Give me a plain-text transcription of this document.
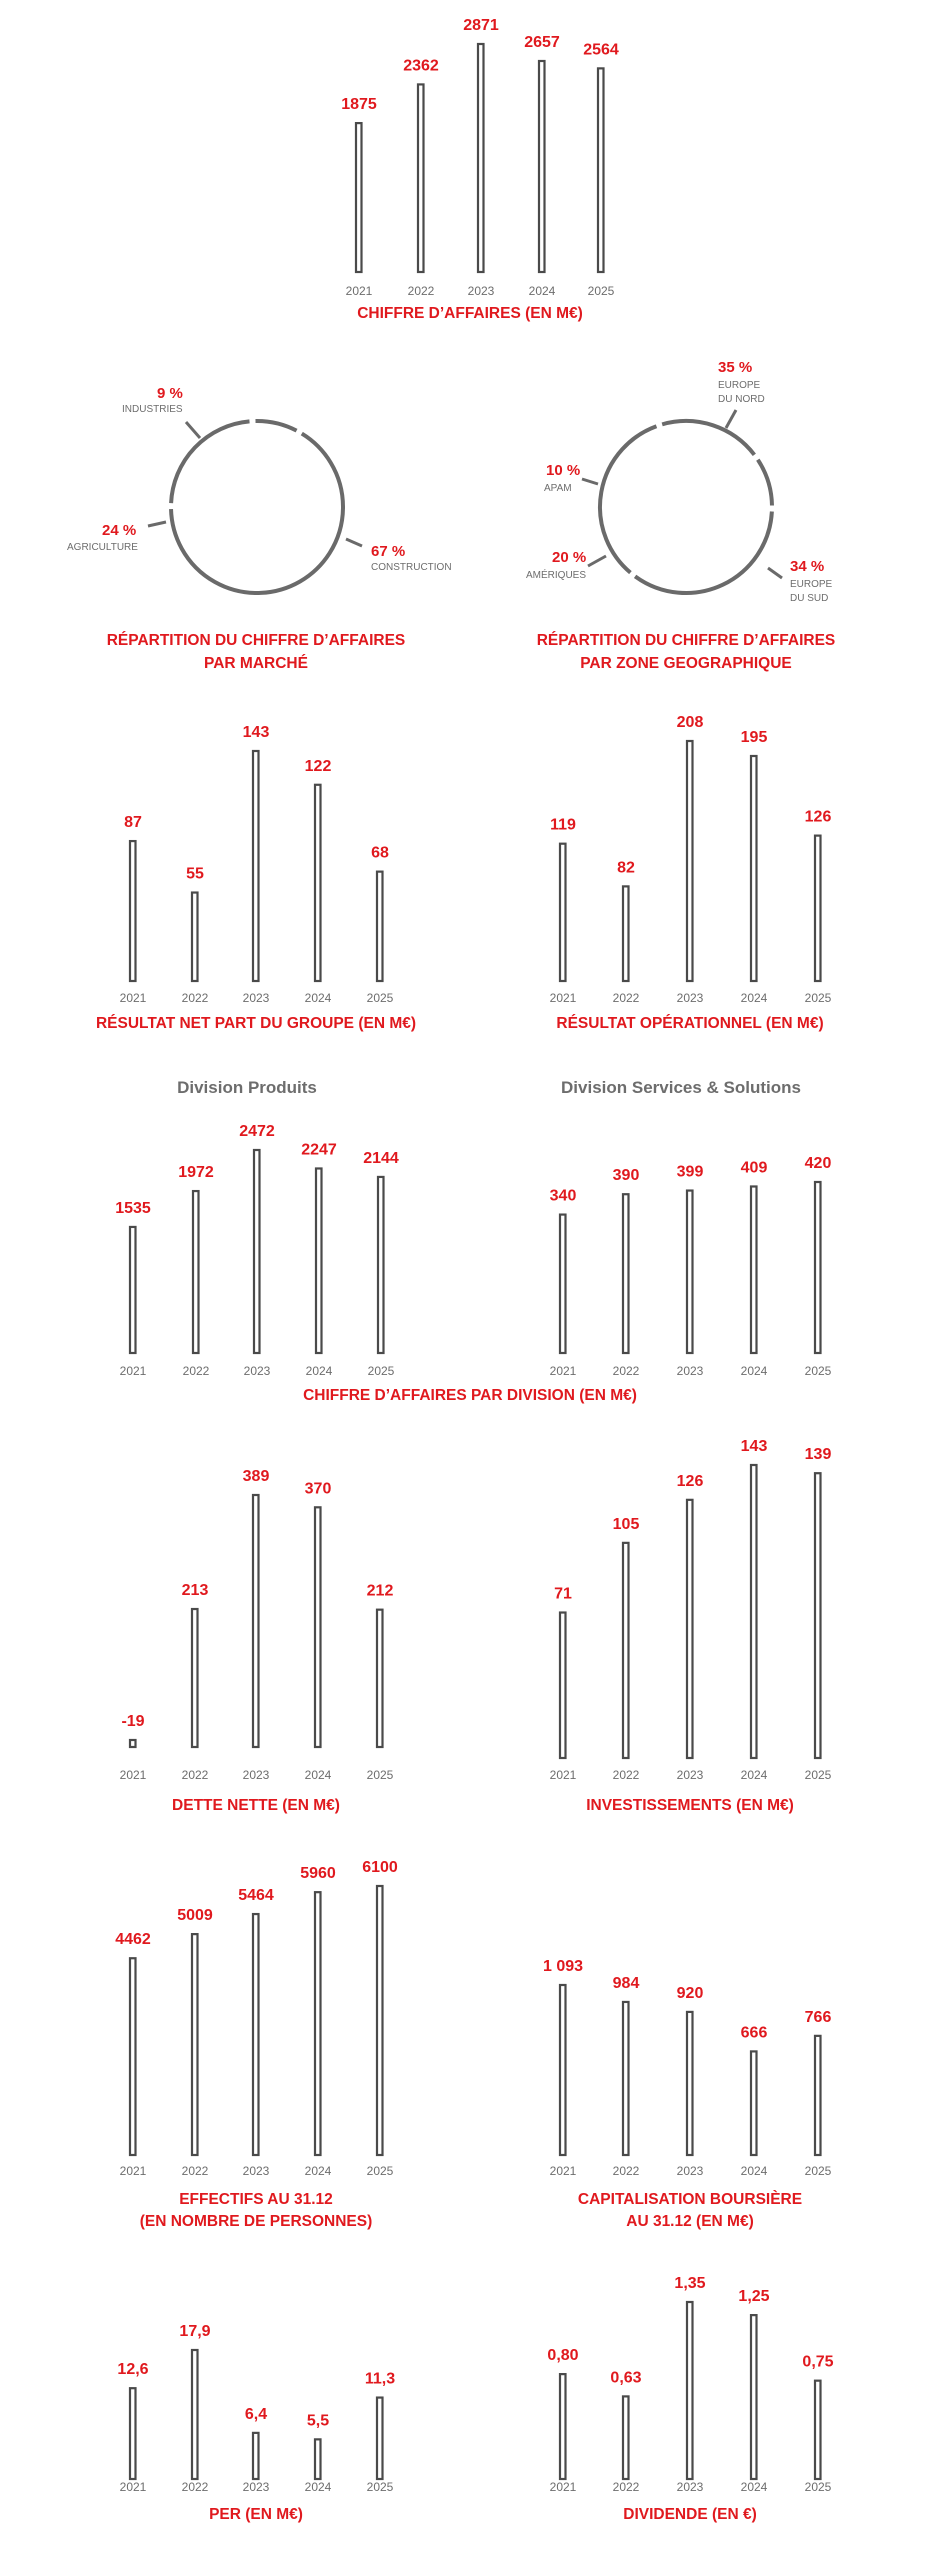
1875
2021
2362
2022
2871
2023
2657
2024
2564
2025
CHIFFRE D’AFFAIRES (EN M€)
87
2021
55
2022
143
2023
122
2024
68
2025
RÉSULTAT NET PART DU GROUPE (EN M€)
119
2021
82
2022
208
2023
195
2024
126
2025
RÉSULTAT OPÉRATIONNEL (EN M€)
1535
2021
1972
2022
2472
2023
2247
2024
2144
2025
Division Produits
340
2021
390
2022
399
2023
409
2024
420
2025
Division Services & Solutions
-19
2021
213
2022
389
2023
370
2024
212
2025
DETTE NETTE (EN M€)
71
2021
105
2022
126
2023
143
2024
139
2025
INVESTISSEMENTS (EN M€)
4462
2021
5009
2022
5464
2023
5960
2024
6100
2025
EFFECTIFS AU 31.12
(EN NOMBRE DE PERSONNES)
1 093
2021
984
2022
920
2023
666
2024
766
2025
CAPITALISATION BOURSIÈRE
AU 31.12 (EN M€)
12,6
2021
17,9
2022
6,4
2023
5,5
2024
11,3
2025
PER (EN M€)
0,80
2021
0,63
2022
1,35
2023
1,25
2024
0,75
2025
DIVIDENDE (EN €)
CHIFFRE D’AFFAIRES PAR DIVISION (EN M€)
9 %
INDUSTRIES
67 %
CONSTRUCTION
24 %
AGRICULTURE
RÉPARTITION DU CHIFFRE D’AFFAIRES
PAR MARCHÉ
35 %
EUROPE
DU NORD
34 %
EUROPE
DU SUD
20 %
AMÉRIQUES
10 %
APAM
RÉPARTITION DU CHIFFRE D’AFFAIRES
PAR ZONE GEOGRAPHIQUE
